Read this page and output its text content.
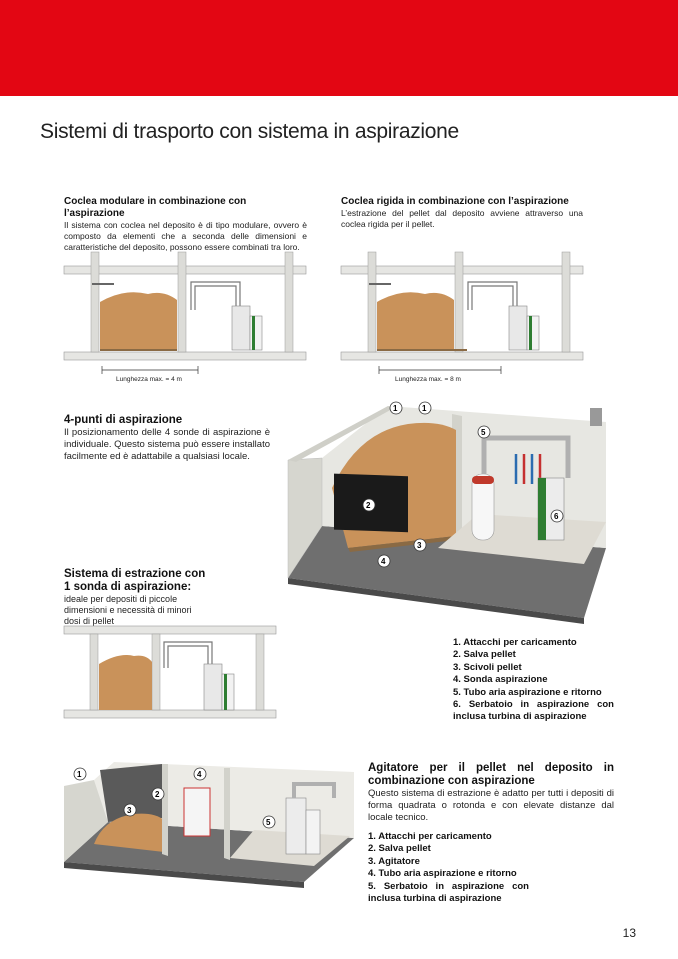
Sistemi di trasporto con sistema in aspirazione
Coclea modulare in combinazione con l’aspirazione

Il sistema con coclea nel deposito è di tipo modulare, ovvero è composto da elementi che a seconda delle dimensioni e caratteristiche del deposito, possono essere combinati tra loro.

Coclea rigida in combinazione con l’aspirazione

L’estrazione del pellet dal deposito avviene attraverso una coclea rigida per il pellet.

Lunghezza max. = 4 m	Lunghezza max. = 8 m
4-punti di aspirazione

Il posizionamento delle 4 sonde di aspirazione è individuale. Questo sistema può essere installato facilmente ed è adattabile a qualsiasi locale.

1	1
2
3
4
5
6
Sistema di estrazione con 1 sonda di aspirazione: ideale per depositi di piccole dimensioni e necessità di minori dosi di pellet
1. Attacchi per caricamento
2. Salva pellet
3. Scivoli pellet
4. Sonda aspirazione
5. Tubo aria aspirazione e ritorno
6. Serbatoio in aspirazione con inclusa turbina di aspirazione
1
2
3
4
5
Agitatore per il pellet nel deposito in combinazione con aspirazione

Questo sistema di estrazione è adatto per tutti i depositi di forma quadrata o rotonda e con elevate distanze dal locale tecnico.

1. Attacchi per caricamento
2. Salva pellet
3. Agitatore
4. Tubo aria aspirazione e ritorno
5. Serbatoio in aspirazione con inclusa turbina di aspirazione
13
